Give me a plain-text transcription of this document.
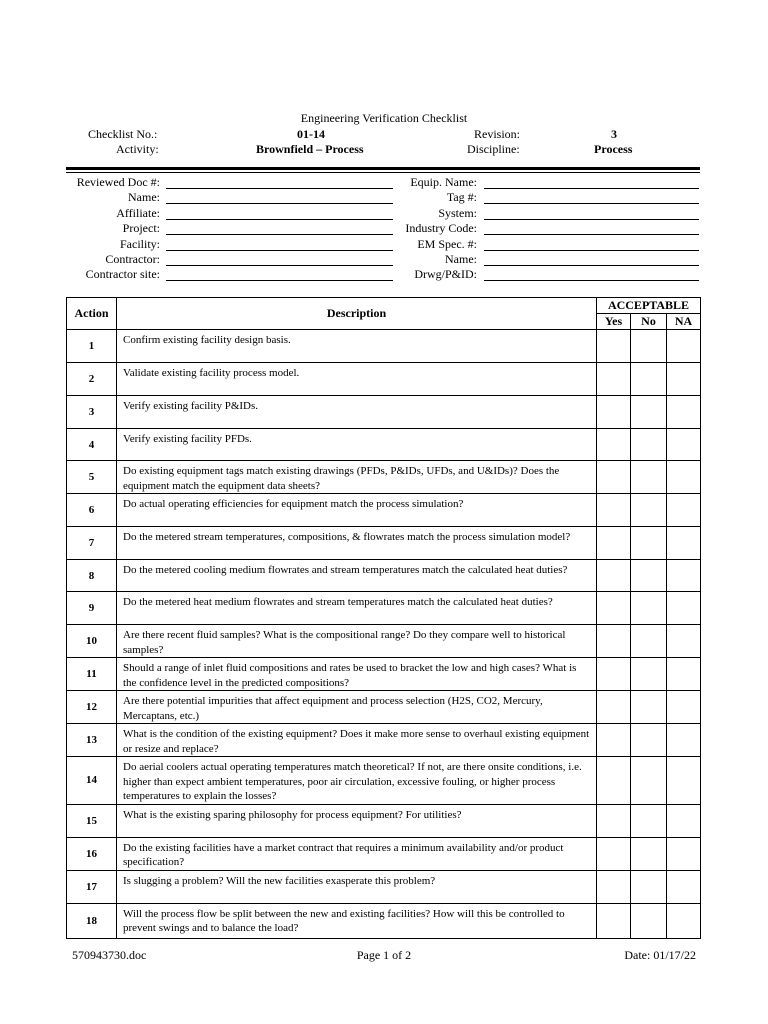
Engineering Verification Checklist
Checklist No.:	01-14	Revision:	3
Activity:	Brownfield – Process	Discipline:	Process
Reviewed Doc #:
Name:
Affiliate:
Project:
Facility:
Contractor:
Contractor site:
Equip. Name:
Tag #:
System:
Industry Code:
EM Spec. #:
Name:
Drwg/P&ID:
Action	Description	ACCEPTABLE		
		Yes	No	NA
1	Confirm existing facility design basis.			
2	Validate existing facility process model.			
3	Verify existing facility P&IDs.			
4	Verify existing facility PFDs.			
5	Do existing equipment tags match existing drawings (PFDs, P&IDs, UFDs, and U&IDs)? Does the equipment match the equipment data sheets?			
6	Do actual operating efficiencies for equipment match the process simulation?			
7	Do the metered stream temperatures, compositions, & flowrates match the process simulation model?			
8	Do the metered cooling medium flowrates and stream temperatures match the calculated heat duties?			
9	Do the metered heat medium flowrates and stream temperatures match the calculated heat duties?			
10	Are there recent fluid samples? What is the compositional range? Do they compare well to historical samples?			
11	Should a range of inlet fluid compositions and rates be used to bracket the low and high cases? What is the confidence level in the predicted compositions?			
12	Are there potential impurities that affect equipment and process selection (H2S, CO2, Mercury, Mercaptans, etc.)			
13	What is the condition of the existing equipment? Does it make more sense to overhaul existing equipment or resize and replace?			
14	Do aerial coolers actual operating temperatures match theoretical? If not, are there onsite conditions, i.e. higher than expect ambient temperatures, poor air circulation, excessive fouling, or higher process temperatures to explain the losses?			
15	What is the existing sparing philosophy for process equipment? For utilities?			
16	Do the existing facilities have a market contract that requires a minimum availability and/or product specification?			
17	Is slugging a problem? Will the new facilities exasperate this problem?			
18	Will the process flow be split between the new and existing facilities? How will this be controlled to prevent swings and to balance the load?			
570943730.doc	Page 1 of 2	Date: 01/17/22
